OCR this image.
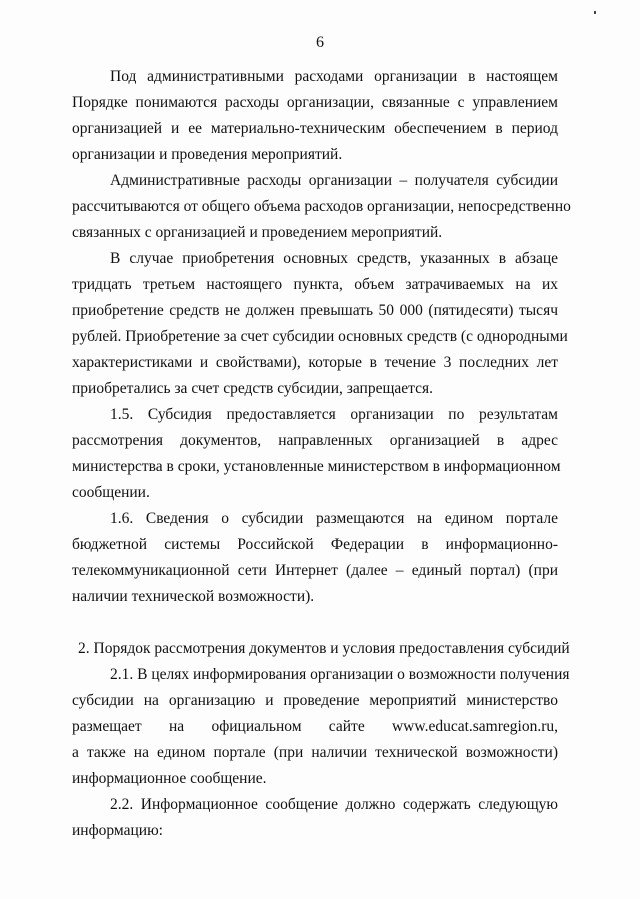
6
Под административными расходами организации в настоящем
Порядке понимаются расходы организации, связанные с управлением
организацией и ее материально-техническим обеспечением в период
организации и проведения мероприятий.
Административные расходы организации – получателя субсидии
рассчитываются от общего объема расходов организации, непосредственно
связанных с организацией и проведением мероприятий.
В случае приобретения основных средств, указанных в абзаце
тридцать третьем настоящего пункта, объем затрачиваемых на их
приобретение средств не должен превышать 50 000 (пятидесяти) тысяч
рублей. Приобретение за счет субсидии основных средств (с однородными
характеристиками и свойствами), которые в течение 3 последних лет
приобретались за счет средств субсидии, запрещается.
1.5. Субсидия предоставляется организации по результатам
рассмотрения документов, направленных организацией в адрес
министерства в сроки, установленные министерством в информационном
сообщении.
1.6. Сведения о субсидии размещаются на едином портале
бюджетной системы Российской Федерации в информационно-
телекоммуникационной сети Интернет (далее – единый портал) (при
наличии технической возможности).
2. Порядок рассмотрения документов и условия предоставления субсидий
2.1. В целях информирования организации о возможности получения
субсидии на организацию и проведение мероприятий министерство
размещает на официальном сайте www.educat.samregion.ru,
а также на едином портале (при наличии технической возможности)
информационное сообщение.
2.2. Информационное сообщение должно содержать следующую
информацию:
